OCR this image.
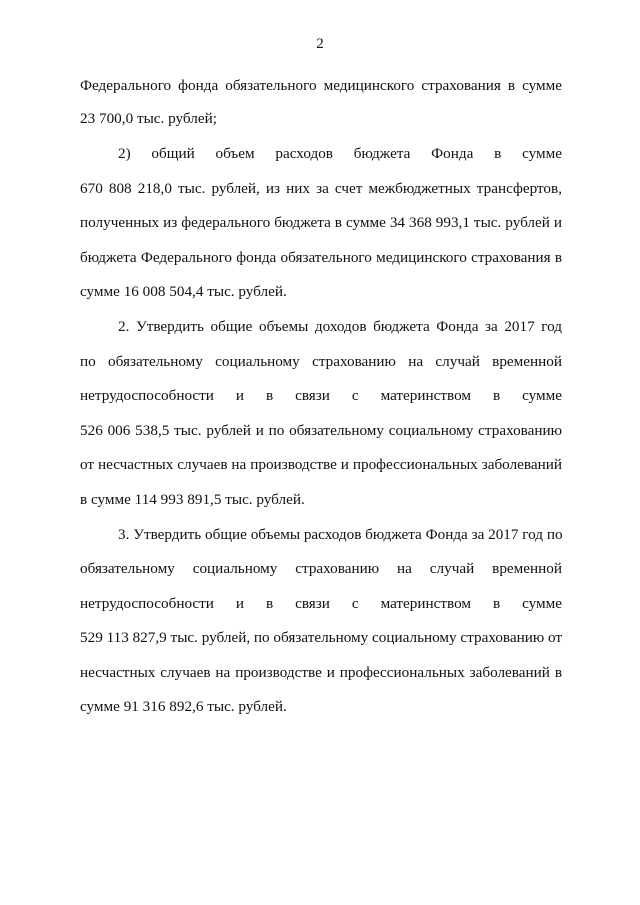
2
Федерального фонда обязательного медицинского страхования в сумме
23 700,0 тыс. рублей;
2) общий объем расходов бюджета Фонда в сумме
670 808 218,0 тыс. рублей, из них за счет межбюджетных трансфертов,
полученных из федерального бюджета в сумме 34 368 993,1 тыс. рублей и
бюджета Федерального фонда обязательного медицинского страхования в
сумме 16 008 504,4 тыс. рублей.
2. Утвердить общие объемы доходов бюджета Фонда за 2017 год
по обязательному социальному страхованию на случай временной
нетрудоспособности и в связи с материнством в сумме
526 006 538,5 тыс. рублей и по обязательному социальному страхованию
от несчастных случаев на производстве и профессиональных заболеваний
в сумме 114 993 891,5 тыс. рублей.
3. Утвердить общие объемы расходов бюджета Фонда за 2017 год по
обязательному социальному страхованию на случай временной
нетрудоспособности и в связи с материнством в сумме
529 113 827,9 тыс. рублей, по обязательному социальному страхованию от
несчастных случаев на производстве и профессиональных заболеваний в
сумме 91 316 892,6 тыс. рублей.
